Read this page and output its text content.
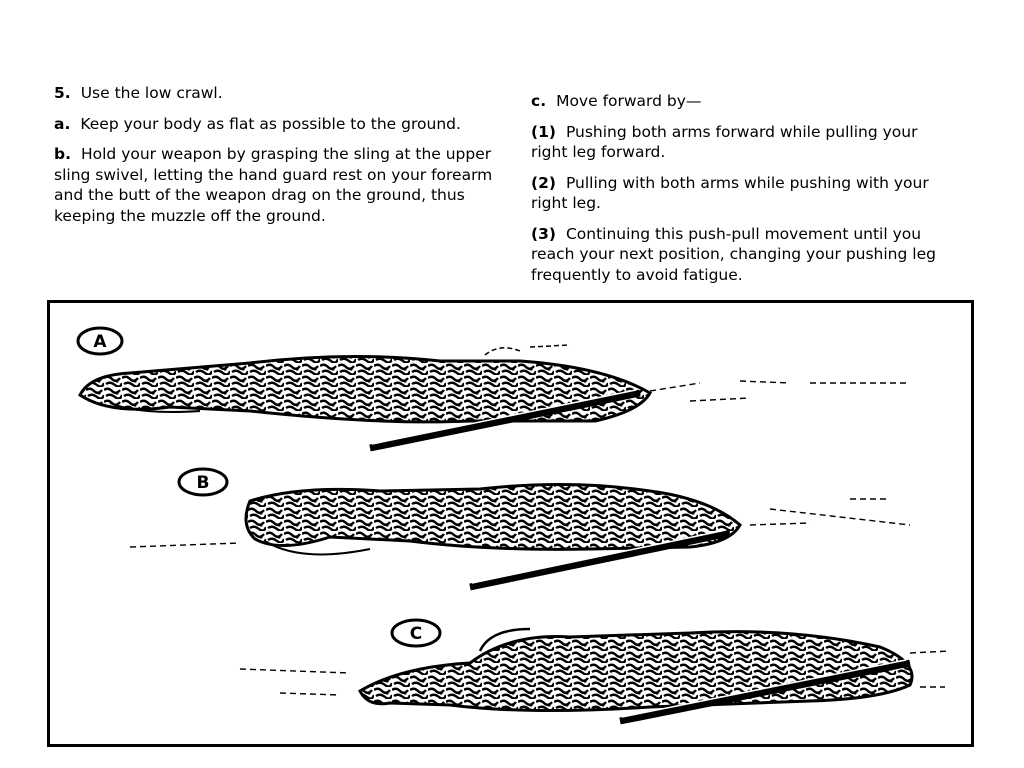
5. Use the low crawl.

a. Keep your body as flat as possible to the ground.

b. Hold your weapon by grasping the sling at the upper sling swivel, letting the hand guard rest on your forearm and the butt of the weapon drag on the ground, thus keeping the muzzle off the ground.

c. Move forward by—

(1) Pushing both arms forward while pulling your right leg forward.

(2) Pulling with both arms while pushing with your right leg.

(3) Continuing this push-pull movement until you reach your next position, changing your pushing leg frequently to avoid fatigue.

A
B
C
